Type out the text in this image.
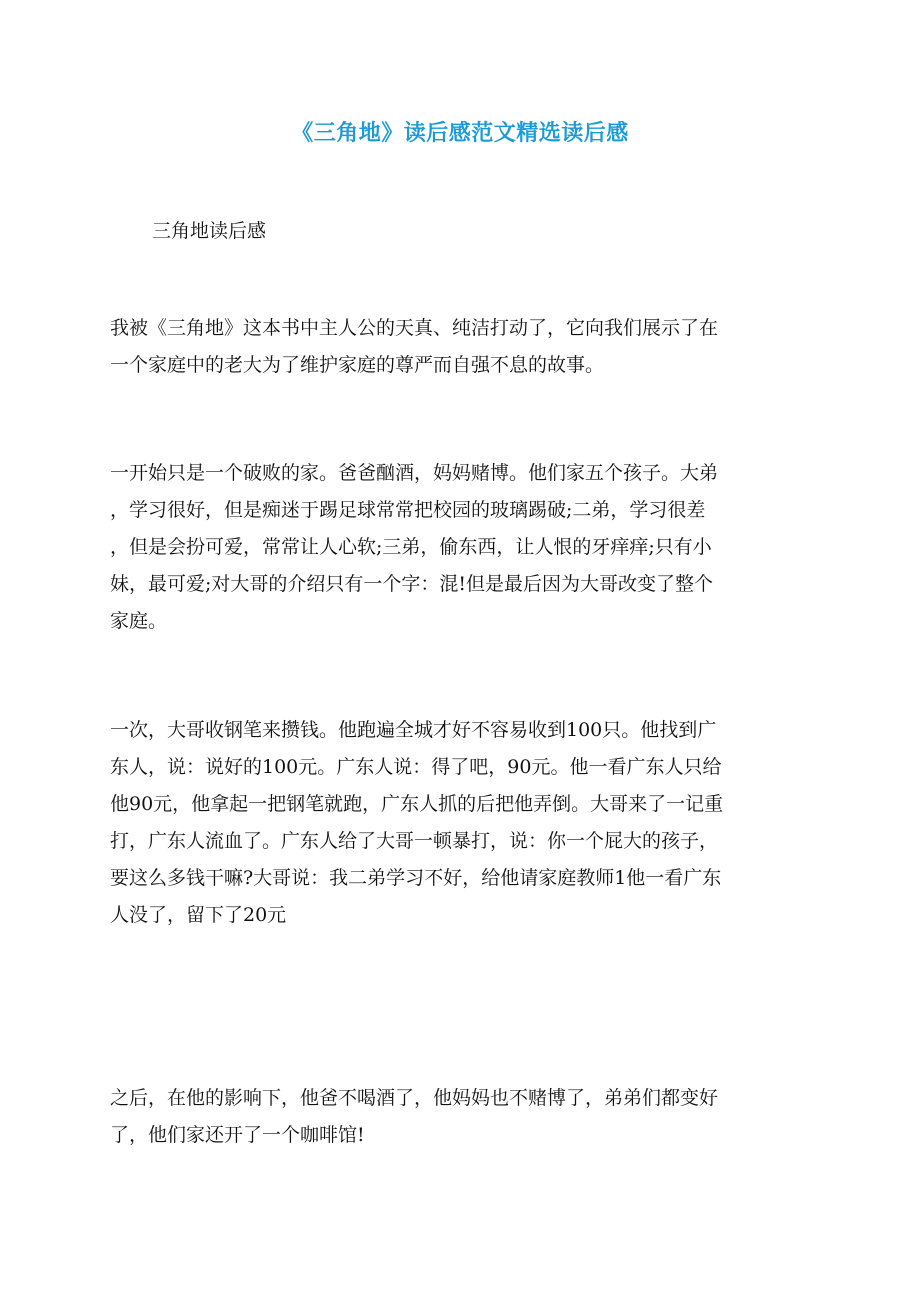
《三角地》读后感范文精选读后感

三角地读后感

我被《三角地》这本书中主人公的天真、纯洁打动了，它向我们展示了在
一个家庭中的老大为了维护家庭的尊严而自强不息的故事。

一开始只是一个破败的家。爸爸酗酒，妈妈赌博。他们家五个孩子。大弟
，学习很好，但是痴迷于踢足球常常把校园的玻璃踢破;二弟，学习很差
，但是会扮可爱，常常让人心软;三弟，偷东西，让人恨的牙痒痒;只有小
妹，最可爱;对大哥的介绍只有一个字：混!但是最后因为大哥改变了整个
家庭。

一次，大哥收钢笔来攒钱。他跑遍全城才好不容易收到100只。他找到广
东人，说：说好的100元。广东人说：得了吧，90元。他一看广东人只给
他90元，他拿起一把钢笔就跑，广东人抓的后把他弄倒。大哥来了一记重
打，广东人流血了。广东人给了大哥一顿暴打，说：你一个屁大的孩子，
要这么多钱干嘛?大哥说：我二弟学习不好，给他请家庭教师1他一看广东
人没了，留下了20元

之后，在他的影响下，他爸不喝酒了，他妈妈也不赌博了，弟弟们都变好
了，他们家还开了一个咖啡馆!
